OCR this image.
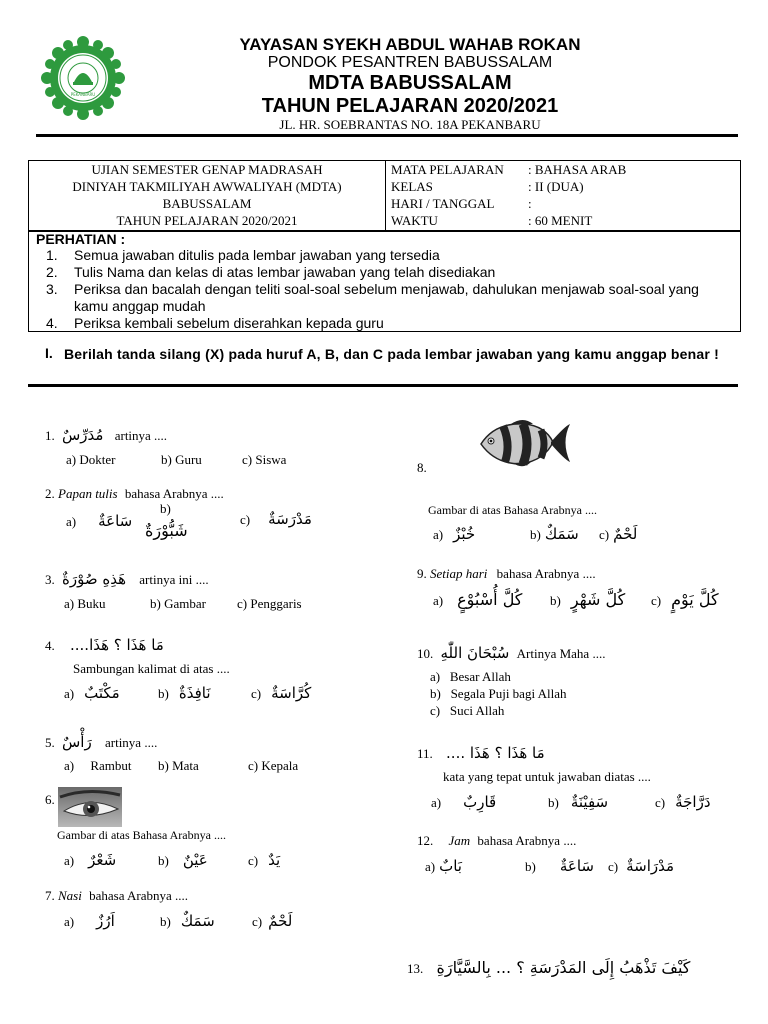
PEKANBARU
YAYASAN SYEKH ABDUL WAHAB ROKAN
PONDOK PESANTREN BABUSSALAM
MDTA BABUSSALAM
TAHUN PELAJARAN 2020/2021
JL. HR. SOEBRANTAS NO. 18A PEKANBARU
UJIAN SEMESTER GENAP MADRASAH
DINIYAH TAKMILIYAH AWWALIYAH (MDTA)
BABUSSALAM
TAHUN PELAJARAN 2020/2021
MATA PELAJARAN : BAHASA ARAB
KELAS	: II (DUA)
HARI / TANGGAL	:
WAKTU	: 60 MENIT
PERHATIAN :
1.	Semua jawaban ditulis pada lembar jawaban yang tersedia
2.	Tulis Nama dan kelas di atas lembar jawaban yang telah disediakan
3.	Periksa dan bacalah dengan teliti soal-soal sebelum menjawab, dahulukan menjawab soal-soal yang kamu anggap mudah
4.	Periksa kembali sebelum diserahkan kepada guru
I. Berilah tanda silang (X) pada huruf A, B, dan C pada lembar jawaban yang kamu anggap benar !
1. مُدَرِّسٌ artinya ....
a) Dokter	b) Guru	c) Siswa
2. Papan tulis bahasa Arabnya ....
a) سَاعَةٌ
b)
شَبُّوْرَةٌ
c) مَدْرَسَةٌ
3. هَذِهِ صُوْرَةٌ artinya ini ....
a) Buku	b) Gambar c) Penggaris
4. مَا هَذَا ؟ هَذَا....
Sambungan kalimat di atas ....
a) مَكْتَبٌ	b) نَافِذَةٌ	c) كُرَّاسَةٌ
5. رَأْسٌ artinya ....
a)     Rambut b) Mata	c) Kepala
6.
Gambar di atas Bahasa Arabnya ....
a) شَعْرٌ	b) عَيْنٌ	c) يَدٌ
7. Nasi bahasa Arabnya ....
a) اَرُزٌ	b) سَمَكٌ	c) لَحْمٌ
8.
Gambar di atas Bahasa Arabnya ....
a) خُبْزٌ	b) سَمَكٌ c) لَحْمٌ
9. Setiap hari bahasa Arabnya ....
a) كُلَّ أُسْبُوْعٍ b) كُلَّ شَهْرٍ c) كُلَّ يَوْمٍ
10. سُبْحَانَ اللّٰهِ Artinya Maha ....
a)   Besar Allah
b)   Segala Puji bagi Allah
c)   Suci Allah
11. مَا هَذَا ؟ هَذَا ....
kata yang tepat untuk jawaban diatas ....
a) قَارِبٌ	b) سَفِيْنَةٌ	c) دَرَّاجَةٌ
12. Jam bahasa Arabnya ....
a) بَابٌ	b) سَاعَةٌ c) مَدْرَاسَةٌ
13. كَيْفَ تَذْهَبُ إِلَى المَدْرَسَةِ ؟ ... بِالسَّيَّارَةِ
